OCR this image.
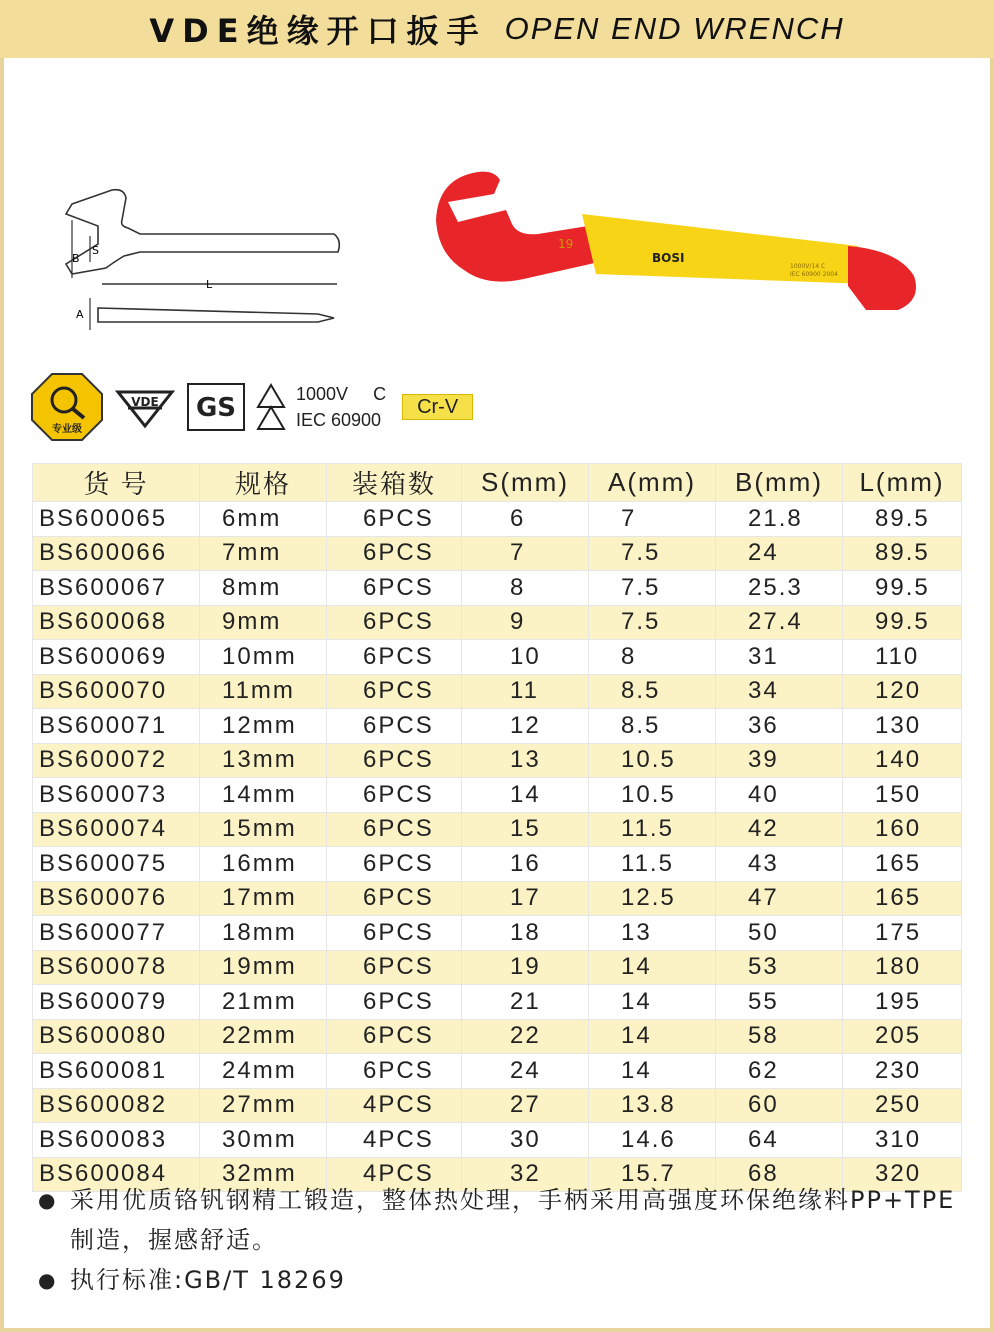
VDE绝缘开口扳手 OPEN END WRENCH
B
S
L
A
BOSI
19
1000V/14 C
IEC 60900 2004
专业级
VDE GS	1000V C
IEC 60900
Cr-V
货 号	规格	装箱数	S(mm)	A(mm)	B(mm)	L(mm)
BS600065	6mm	6PCS	6	7	21.8	89.5
BS600066	7mm	6PCS	7	7.5	24	89.5
BS600067	8mm	6PCS	8	7.5	25.3	99.5
BS600068	9mm	6PCS	9	7.5	27.4	99.5
BS600069	10mm	6PCS	10	8	31	110
BS600070	11mm	6PCS	11	8.5	34	120
BS600071	12mm	6PCS	12	8.5	36	130
BS600072	13mm	6PCS	13	10.5	39	140
BS600073	14mm	6PCS	14	10.5	40	150
BS600074	15mm	6PCS	15	11.5	42	160
BS600075	16mm	6PCS	16	11.5	43	165
BS600076	17mm	6PCS	17	12.5	47	165
BS600077	18mm	6PCS	18	13	50	175
BS600078	19mm	6PCS	19	14	53	180
BS600079	21mm	6PCS	21	14	55	195
BS600080	22mm	6PCS	22	14	58	205
BS600081	24mm	6PCS	24	14	62	230
BS600082	27mm	4PCS	27	13.8	60	250
BS600083	30mm	4PCS	30	14.6	64	310
BS600084	32mm	4PCS	32	15.7	68	320
● 采用优质铬钒钢精工锻造，整体热处理，手柄采用高强度环保绝缘料PP+TPE制造，握感舒适。
● 执行标准:GB/T 18269
